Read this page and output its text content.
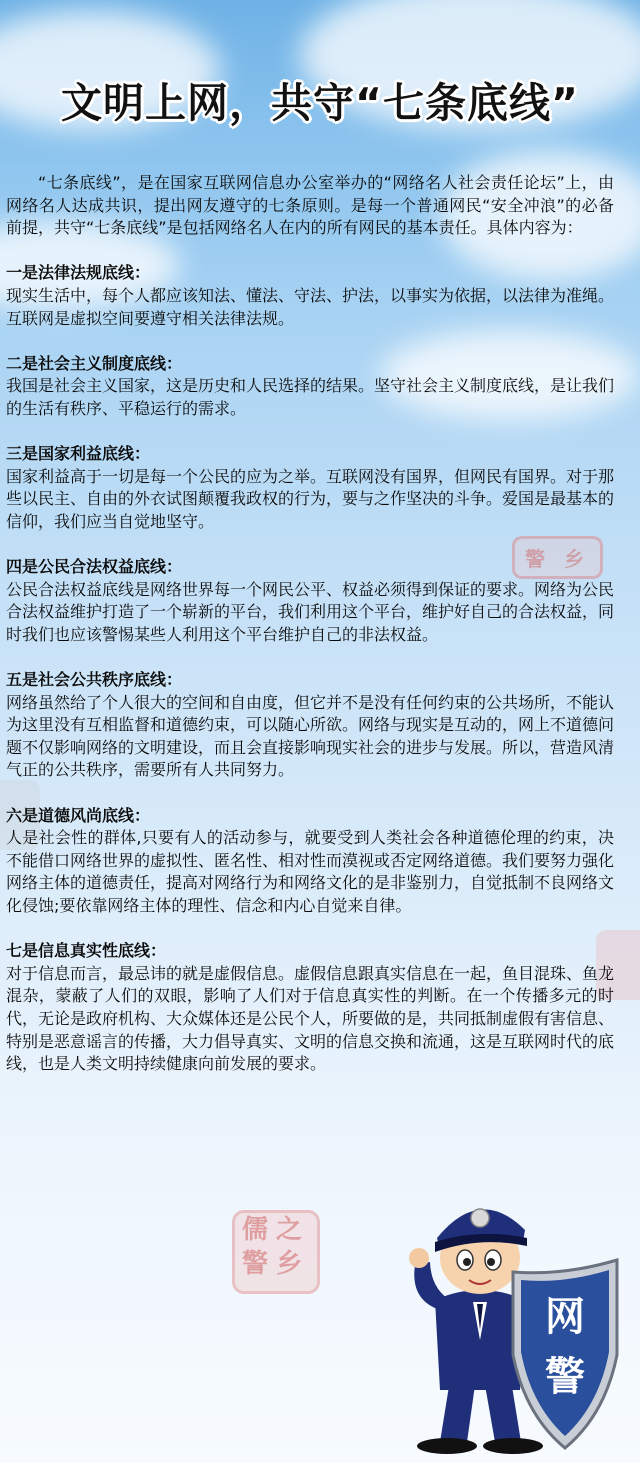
警 乡
儒之
警乡
文明上网，共守“七条底线”

“七条底线”，是在国家互联网信息办公室举办的“网络名人社会责任论坛”上，由网络名人达成共识，提出网友遵守的七条原则。是每一个普通网民“安全冲浪”的必备前提，共守“七条底线”是包括网络名人在内的所有网民的基本责任。具体内容为：

一是法律法规底线：

现实生活中，每个人都应该知法、懂法、守法、护法，以事实为依据，以法律为准绳。互联网是虚拟空间要遵守相关法律法规。

二是社会主义制度底线：

我国是社会主义国家，这是历史和人民选择的结果。坚守社会主义制度底线，是让我们的生活有秩序、平稳运行的需求。

三是国家利益底线：

国家利益高于一切是每一个公民的应为之举。互联网没有国界，但网民有国界。对于那些以民主、自由的外衣试图颠覆我政权的行为，要与之作坚决的斗争。爱国是最基本的信仰，我们应当自觉地坚守。

四是公民合法权益底线：

公民合法权益底线是网络世界每一个网民公平、权益必须得到保证的要求。网络为公民合法权益维护打造了一个崭新的平台，我们利用这个平台，维护好自己的合法权益，同时我们也应该警惕某些人利用这个平台维护自己的非法权益。

五是社会公共秩序底线：

网络虽然给了个人很大的空间和自由度，但它并不是没有任何约束的公共场所，不能认为这里没有互相监督和道德约束，可以随心所欲。网络与现实是互动的，网上不道德问题不仅影响网络的文明建设，而且会直接影响现实社会的进步与发展。所以，营造风清气正的公共秩序，需要所有人共同努力。

六是道德风尚底线：

人是社会性的群体,只要有人的活动参与，就要受到人类社会各种道德伦理的约束，决不能借口网络世界的虚拟性、匿名性、相对性而漠视或否定网络道德。我们要努力强化网络主体的道德责任，提高对网络行为和网络文化的是非鉴别力，自觉抵制不良网络文化侵蚀;要依靠网络主体的理性、信念和内心自觉来自律。

七是信息真实性底线：

对于信息而言，最忌讳的就是虚假信息。虚假信息跟真实信息在一起，鱼目混珠、鱼龙混杂，蒙蔽了人们的双眼，影响了人们对于信息真实性的判断。在一个传播多元的时代，无论是政府机构、大众媒体还是公民个人，所要做的是，共同抵制虚假有害信息、特别是恶意谣言的传播，大力倡导真实、文明的信息交换和流通，这是互联网时代的底线，也是人类文明持续健康向前发展的要求。

网
警
